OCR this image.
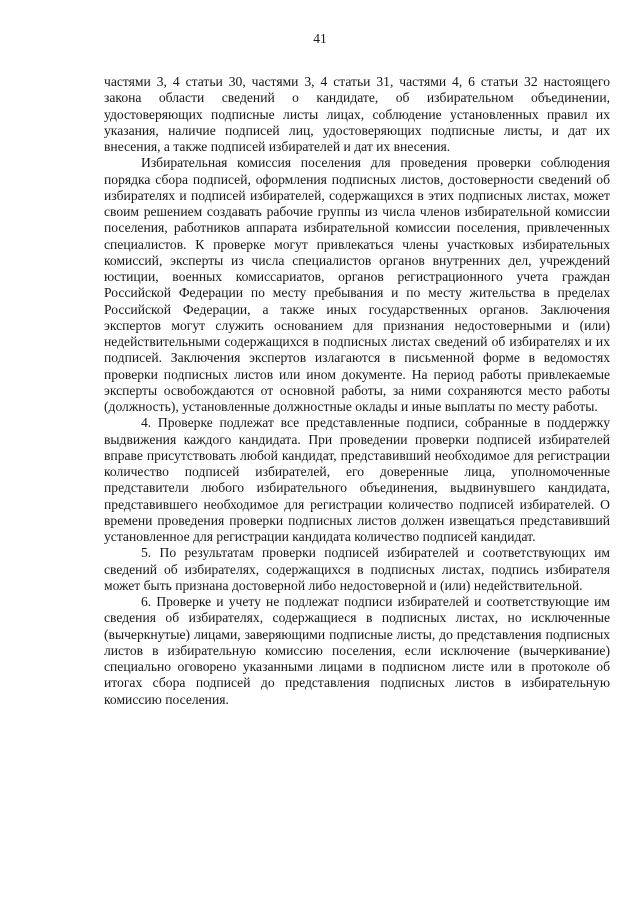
41

частями 3, 4 статьи 30, частями 3, 4 статьи 31, частями 4, 6 статьи 32 настоящего закона области сведений о кандидате, об избирательном объединении, удостоверяющих подписные листы лицах, соблюдение установленных правил их указания, наличие подписей лиц, удостоверяющих подписные листы, и дат их внесения, а также подписей избирателей и дат их внесения.

Избирательная комиссия поселения для проведения проверки соблюдения порядка сбора подписей, оформления подписных листов, достоверности сведений об избирателях и подписей избирателей, содержащихся в этих подписных листах, может своим решением создавать рабочие группы из числа членов избирательной комиссии поселения, работников аппарата избирательной комиссии поселения, привлеченных специалистов. К проверке могут привлекаться члены участковых избирательных комиссий, эксперты из числа специалистов органов внутренних дел, учреждений юстиции, военных комиссариатов, органов регистрационного учета граждан Российской Федерации по месту пребывания и по месту жительства в пределах Российской Федерации, а также иных государственных органов. Заключения экспертов могут служить основанием для признания недостоверными и (или) недействительными содержащихся в подписных листах сведений об избирателях и их подписей. Заключения экспертов излагаются в письменной форме в ведомостях проверки подписных листов или ином документе. На период работы привлекаемые эксперты освобождаются от основной работы, за ними сохраняются место работы (должность), установленные должностные оклады и иные выплаты по месту работы.

4. Проверке подлежат все представленные подписи, собранные в поддержку выдвижения каждого кандидата. При проведении проверки подписей избирателей вправе присутствовать любой кандидат, представивший необходимое для регистрации количество подписей избирателей, его доверенные лица, уполномоченные представители любого избирательного объединения, выдвинувшего кандидата, представившего необходимое для регистрации количество подписей избирателей. О времени проведения проверки подписных листов должен извещаться представивший установленное для регистрации кандидата количество подписей кандидат.

5. По результатам проверки подписей избирателей и соответствующих им сведений об избирателях, содержащихся в подписных листах, подпись избирателя может быть признана достоверной либо недостоверной и (или) недействительной.

6. Проверке и учету не подлежат подписи избирателей и соответствующие им сведения об избирателях, содержащиеся в подписных листах, но исключенные (вычеркнутые) лицами, заверяющими подписные листы, до представления подписных листов в избирательную комиссию поселения, если исключение (вычеркивание) специально оговорено указанными лицами в подписном листе или в протоколе об итогах сбора подписей до представления подписных листов в избирательную комиссию поселения.
